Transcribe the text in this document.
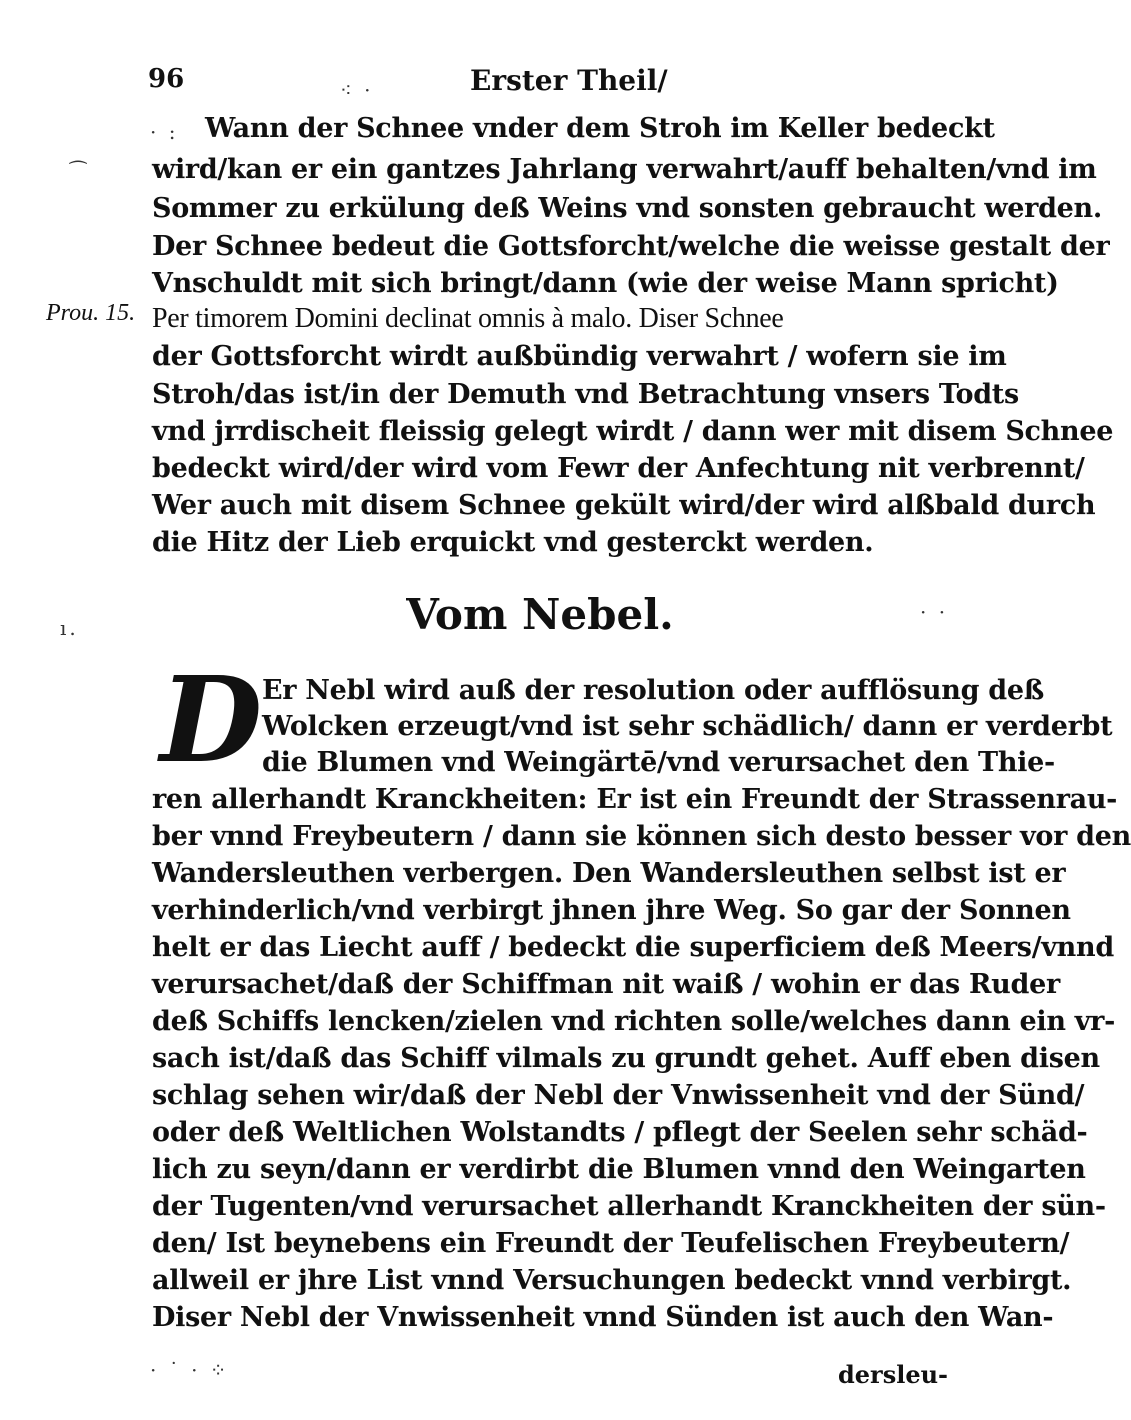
96	Erster Theil/
⁖ ·
· :
⁀
ı.
· ·
· ˙ · ⁘
Prou. 15.
Wann der Schnee vnder dem Stroh im Keller bedeckt
wird/kan er ein gantzes Jahrlang verwahrt/auff behalten/vnd im
Sommer zu erkülung deß Weins vnd sonsten gebraucht werden.
Der Schnee bedeut die Gottsforcht/welche die weisse gestalt der
Vnschuldt mit sich bringt/dann (wie der weise Mann spricht)
Per timorem Domini declinat omnis à malo. Diser Schnee
der Gottsforcht wirdt außbündig verwahrt / wofern sie im
Stroh/das ist/in der Demuth vnd Betrachtung vnsers Todts
vnd jrrdischeit fleissig gelegt wirdt / dann wer mit disem Schnee
bedeckt wird/der wird vom Fewr der Anfechtung nit verbrennt/
Wer auch mit disem Schnee gekült wird/der wird alßbald durch
die Hitz der Lieb erquickt vnd gesterckt werden.
Vom Nebel.
D Er Nebl wird auß der resolution oder aufflösung deß
Wolcken erzeugt/vnd ist sehr schädlich/ dann er verderbt
die Blumen vnd Weingärtē/vnd verursachet den Thie-
ren allerhandt Kranckheiten: Er ist ein Freundt der Strassenrau-
ber vnnd Freybeutern / dann sie können sich desto besser vor den
Wandersleuthen verbergen. Den Wandersleuthen selbst ist er
verhinderlich/vnd verbirgt jhnen jhre Weg. So gar der Sonnen
helt er das Liecht auff / bedeckt die superficiem deß Meers/vnnd
verursachet/daß der Schiffman nit waiß / wohin er das Ruder
deß Schiffs lencken/zielen vnd richten solle/welches dann ein vr-
sach ist/daß das Schiff vilmals zu grundt gehet. Auff eben disen
schlag sehen wir/daß der Nebl der Vnwissenheit vnd der Sünd/
oder deß Weltlichen Wolstandts / pflegt der Seelen sehr schäd-
lich zu seyn/dann er verdirbt die Blumen vnnd den Weingarten
der Tugenten/vnd verursachet allerhandt Kranckheiten der sün-
den/ Ist beynebens ein Freundt der Teufelischen Freybeutern/
allweil er jhre List vnnd Versuchungen bedeckt vnnd verbirgt.
Diser Nebl der Vnwissenheit vnnd Sünden ist auch den Wan-
dersleu-
